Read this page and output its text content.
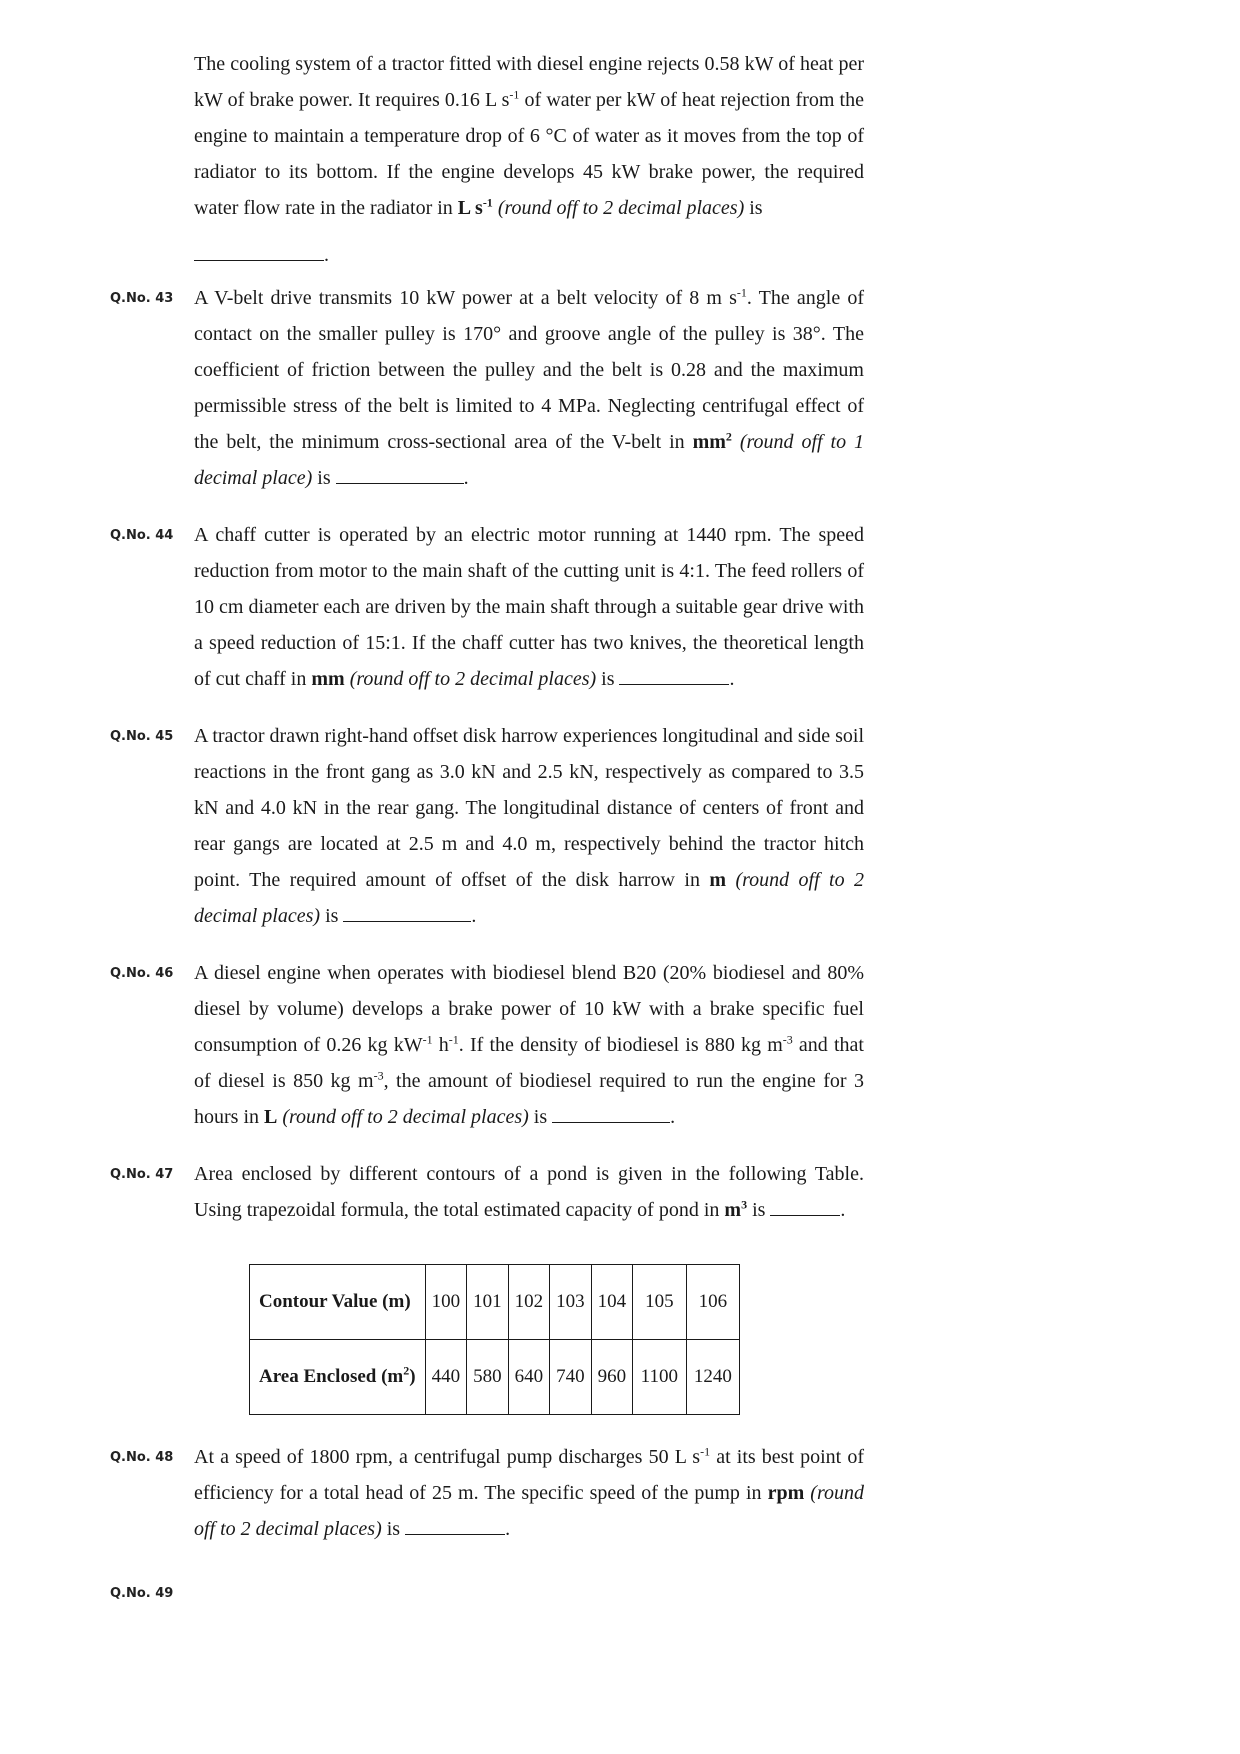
The cooling system of a tractor fitted with diesel engine rejects 0.58 kW of heat per kW of brake power. It requires 0.16 L $s^{-1}$ of water per kW of heat rejection from the engine to maintain a temperature drop of 6 °C of water as it moves from the top of radiator to its bottom. If the engine develops 45 kW brake power, the required water flow rate in the radiator in L $s^{-1}$ (round off to 2 decimal places) is

.
Q.No. 43 A V-belt drive transmits 10 kW power at a belt velocity of 8 m $s^{-1}$. The angle of contact on the smaller pulley is 170° and groove angle of the pulley is 38°. The coefficient of friction between the pulley and the belt is 0.28 and the maximum permissible stress of the belt is limited to 4 MPa. Neglecting centrifugal effect of the belt, the minimum cross-sectional area of the V-belt in $mm^2$ (round off to 1 decimal place) is	.

Q.No. 44 A chaff cutter is operated by an electric motor running at 1440 rpm. The speed reduction from motor to the main shaft of the cutting unit is 4:1. The feed rollers of 10 cm diameter each are driven by the main shaft through a suitable gear drive with a speed reduction of 15:1. If the chaff cutter has two knives, the theoretical length of cut chaff in mm (round off to 2 decimal places) is	.

Q.No. 45 A tractor drawn right-hand offset disk harrow experiences longitudinal and side soil reactions in the front gang as 3.0 kN and 2.5 kN, respectively as compared to 3.5 kN and 4.0 kN in the rear gang. The longitudinal distance of centers of front and rear gangs are located at 2.5 m and 4.0 m, respectively behind the tractor hitch point. The required amount of offset of the disk harrow in m (round off to 2 decimal places) is	.

Q.No. 46 A diesel engine when operates with biodiesel blend B20 (20% biodiesel and 80% diesel by volume) develops a brake power of 10 kW with a brake specific fuel consumption of 0.26 kg $kW^{-1}$ $h^{-1}$. If the density of biodiesel is 880 kg $m^{-3}$ and that of diesel is 850 kg $m^{-3}$, the amount of biodiesel required to run the engine for 3 hours in L (round off to 2 decimal places) is	.

Q.No. 47 Area enclosed by different contours of a pond is given in the following Table. Using trapezoidal formula, the total estimated capacity of pond in $m^3$ is	.

Contour Value (m)	100	101	102	103	104	105	106
Area Enclosed $(m^2)$	440	580	640	740	960	1100	1240
Q.No. 48 At a speed of 1800 rpm, a centrifugal pump discharges 50 L $s^{-1}$ at its best point of efficiency for a total head of 25 m. The specific speed of the pump in rpm (round off to 2 decimal places) is	.

Q.No. 49
